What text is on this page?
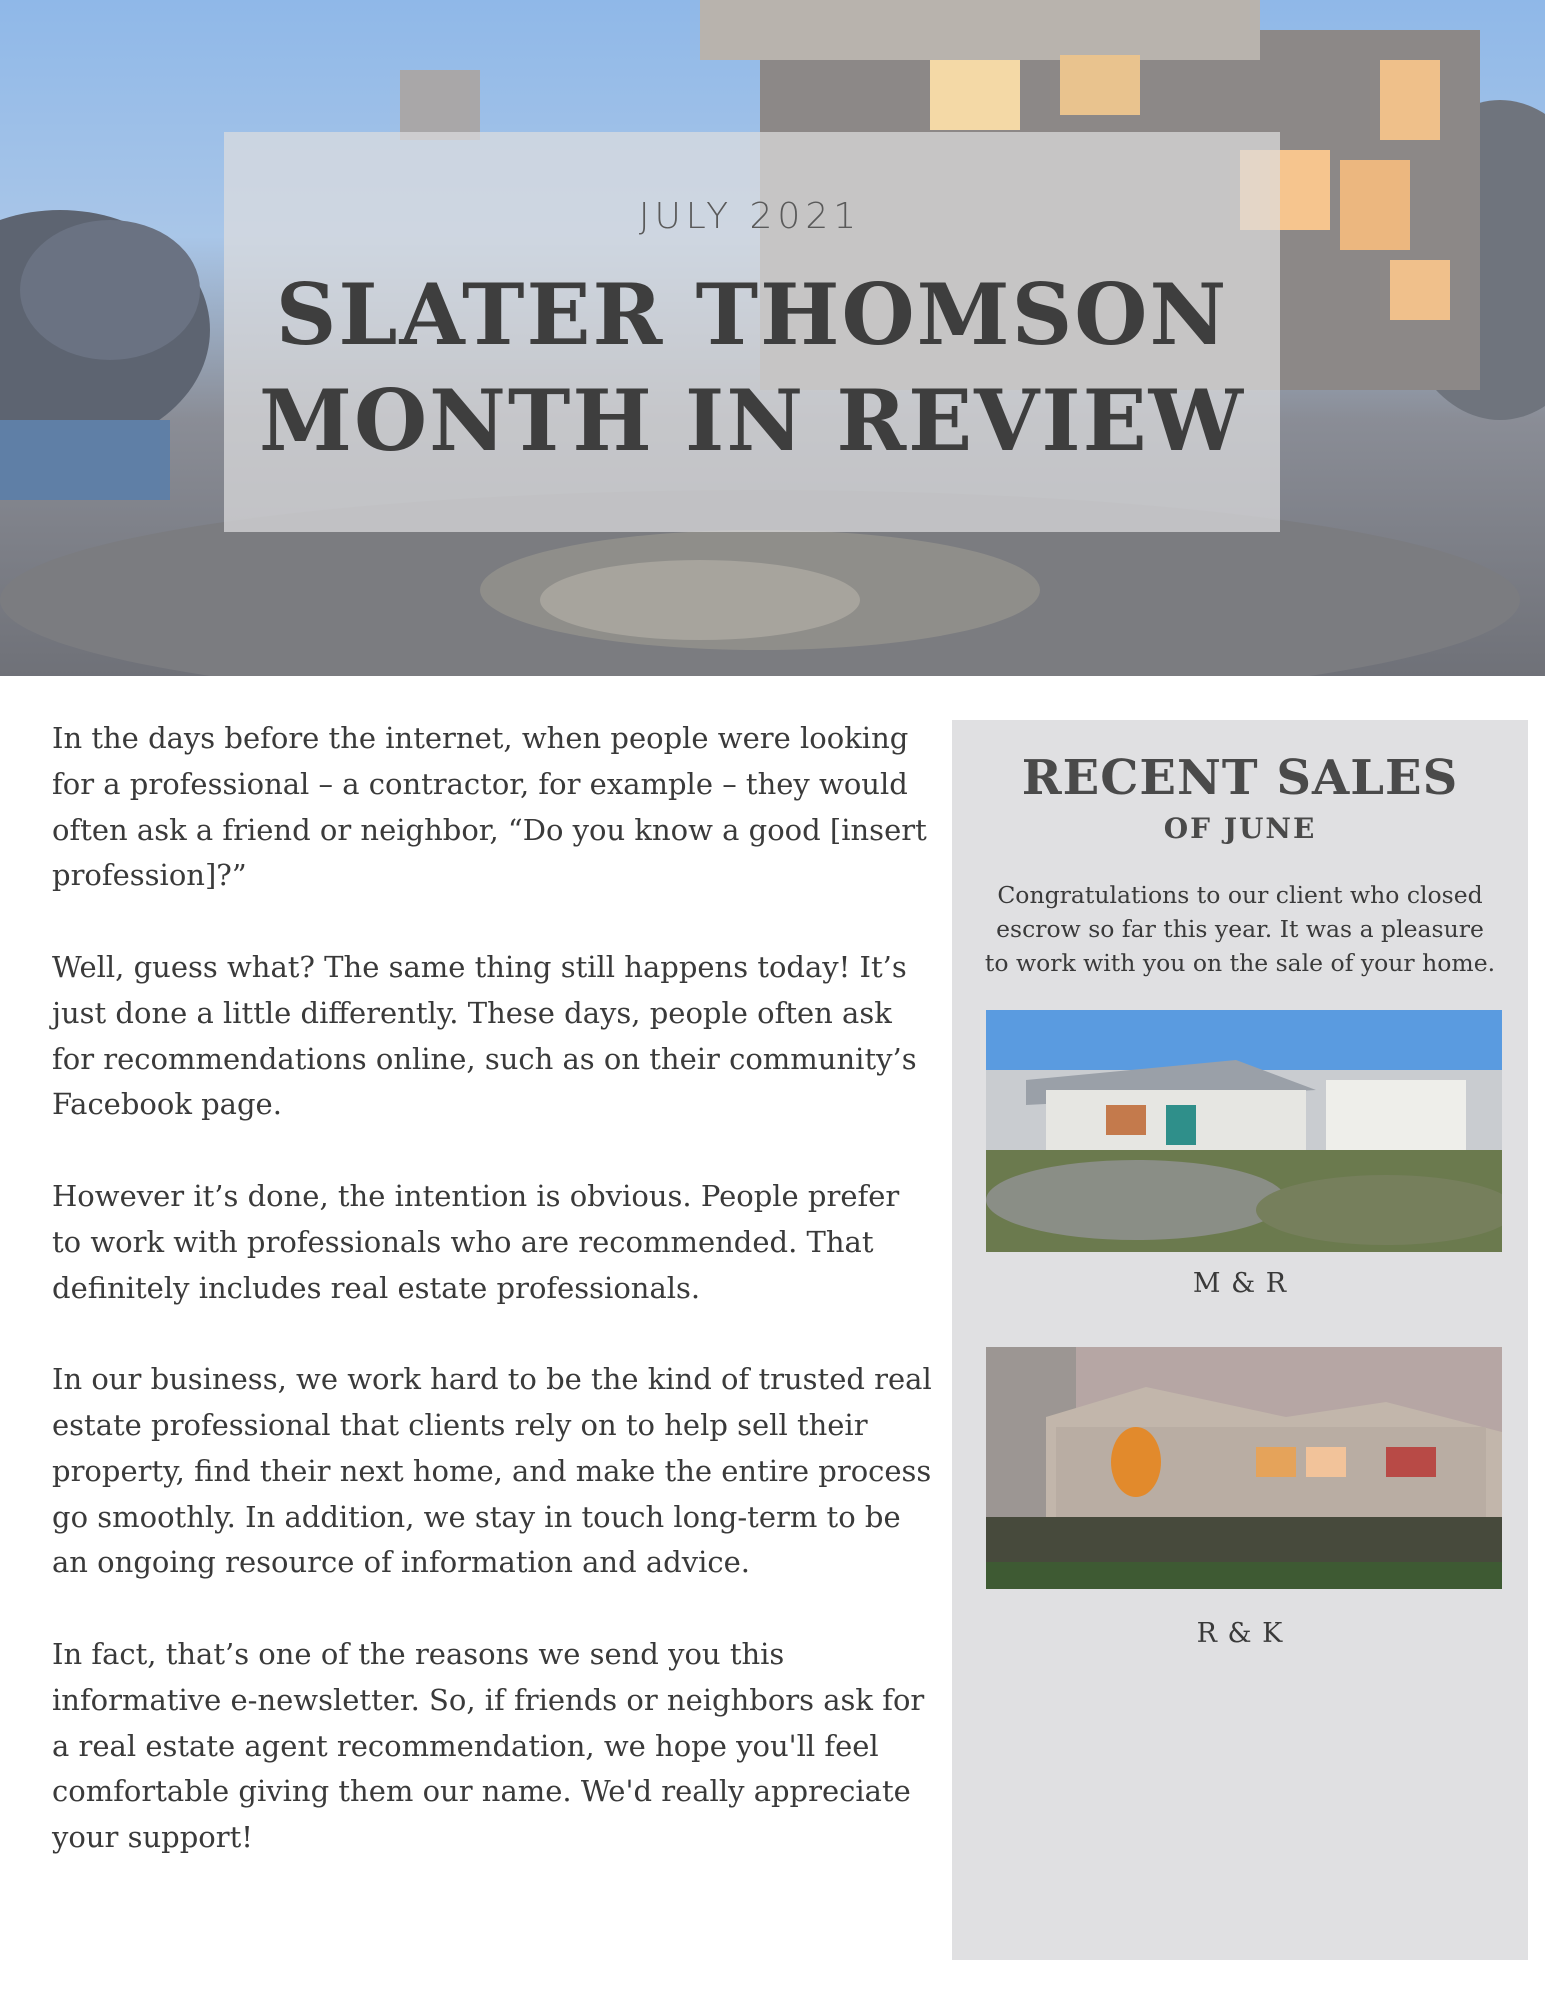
JULY 2021
SLATER THOMSON
MONTH IN REVIEW

In the days before the internet, when people were looking for a professional – a contractor, for example – they would often ask a friend or neighbor, “Do you know a good [insert profession]?”

Well, guess what? The same thing still happens today! It’s just done a little differently. These days, people often ask for recommendations online, such as on their community’s Facebook page.

However it’s done, the intention is obvious. People prefer to work with professionals who are recommended. That definitely includes real estate professionals.

In our business, we work hard to be the kind of trusted real estate professional that clients rely on to help sell their property, find their next home, and make the entire process go smoothly. In addition, we stay in touch long-term to be an ongoing resource of information and advice.

In fact, that’s one of the reasons we send you this informative e-newsletter. So, if friends or neighbors ask for a real estate agent recommendation, we hope you'll feel comfortable giving them our name. We'd really appreciate your support!

RECENT SALES
OF JUNE
Congratulations to our client who closed escrow so far this year. It was a pleasure to work with you on the sale of your home.
M & R
R & K
